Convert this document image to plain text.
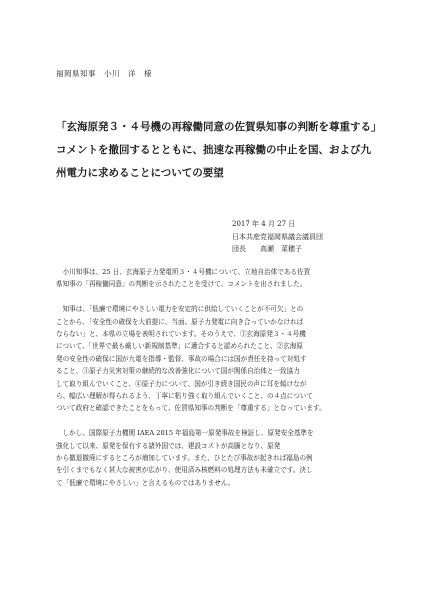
福岡県知事　小川　洋　様
「玄海原発３・４号機の再稼働同意の佐賀県知事の判断を尊重する」
コメントを撤回するとともに、拙速な再稼働の中止を国、および九
州電力に求めることについての要望
2017 年 4 月 27 日
日本共産党福岡県議会議員団
団長　　高瀬　菜穂子
　小川知事は、25 日、玄海原子力発電所３・４号機について、立地自治体である佐賀
県知事の「再稼働同意」の判断を示されたことを受けて、コメントを出されました。
　知事は、「低廉で環境にやさしい電力を安定的に供給していくことが不可欠」との
ことから、「安全性の確保を大前提に、当面、原子力発電に向き合っていかなければ
ならない」と、本県の立場を表明されています。そのうえで、①玄海原発３・４号機
について、「世界で最も厳しい新規制基準」に適合すると認められたこと、②玄海原
発の安全性の確保に国が九電を指導・監督、事故の場合には国が責任を持って対処す
ること、③原子力災害対策の継続的な改善強化について国が関係自治体と一致協力
して取り組んでいくこと、④原子力について、国が引き続き国民の声に耳を傾けなが
ら、幅広い理解が得られるよう、丁寧に粘り強く取り組んでいくこと、の４点について
ついて政府と確認できたことをもって、佐賀県知事の判断を「尊重する」となっています。
　しかし、国際原子力機関 IAEA 2015 年福島第一原発事故を検証し、原発安全基準を
強化して以来、原発を保有する諸外国では、建設コストが高騰となり、原発
から撤退撤廃にするところが増加しています。また、ひとたび事故が起きれば福島の例
を引くまでもなく甚大な被害が広がり、使用済み核燃料の処理方法も未確立です。決し
て「低廉で環境にやさしい」と言えるものではありません。
